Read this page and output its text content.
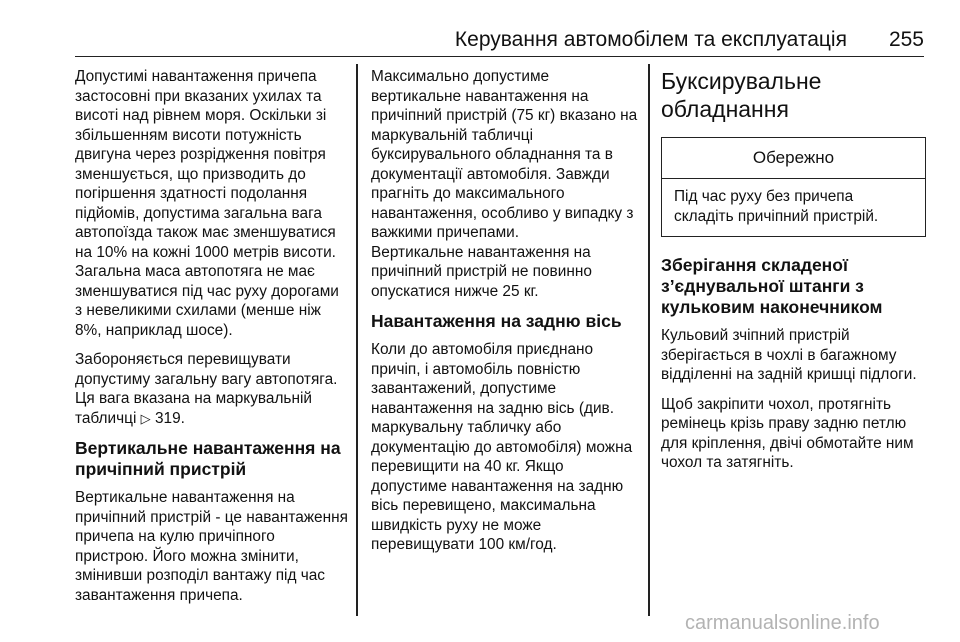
Керування автомобілем та експлуатація 255

Допустимі навантаження причепа застосовні при вказаних ухилах та висоті над рівнем моря. Оскільки зі збільшенням висоти потужність двигуна через розрідження повітря зменшується, що призводить до погіршення здатності подолання підйомів, допустима загальна вага автопоїзда також має зменшуватися на 10% на кожні 1000 метрів висоти. Загальна маса автопотяга не має зменшуватися під час руху дорогами з невеликими схилами (менше ніж 8%, наприклад шосе).

Забороняється перевищувати допустиму загальну вагу автопотяга. Ця вага вказана на маркувальній табличці ▷ 319.

Вертикальне навантаження на причіпний пристрій

Вертикальне навантаження на причіпний пристрій - це навантаження причепа на кулю причіпного пристрою. Його можна змінити, змінивши розподіл вантажу під час завантаження причепа.

Максимально допустиме вертикальне навантаження на причіпний пристрій (75 кг) вказано на маркувальній табличці буксирувального обладнання та в документації автомобіля. Завжди прагніть до максимального навантаження, особливо у випадку з важкими причепами.

Вертикальне навантаження на причіпний пристрій не повинно опускатися нижче 25 кг.

Навантаження на задню вісь

Коли до автомобіля приєднано причіп, і автомобіль повністю завантажений, допустиме навантаження на задню вісь (див. маркувальну табличку або документацію до автомобіля) можна перевищити на 40 кг. Якщо допустиме навантаження на задню вісь перевищено, максимальна швидкість руху не може перевищувати 100 км/год.

Буксирувальне обладнання
Обережно
Під час руху без причепа складіть причіпний пристрій.
Зберігання складеної з’єднувальної штанги з кульковим наконечником

Кульовий зчіпний пристрій зберігається в чохлі в багажному відділенні на задній кришці підлоги.

Щоб закріпити чохол, протягніть ремінець крізь праву задню петлю для кріплення, двічі обмотайте ним чохол та затягніть.

carmanualsonline.info
